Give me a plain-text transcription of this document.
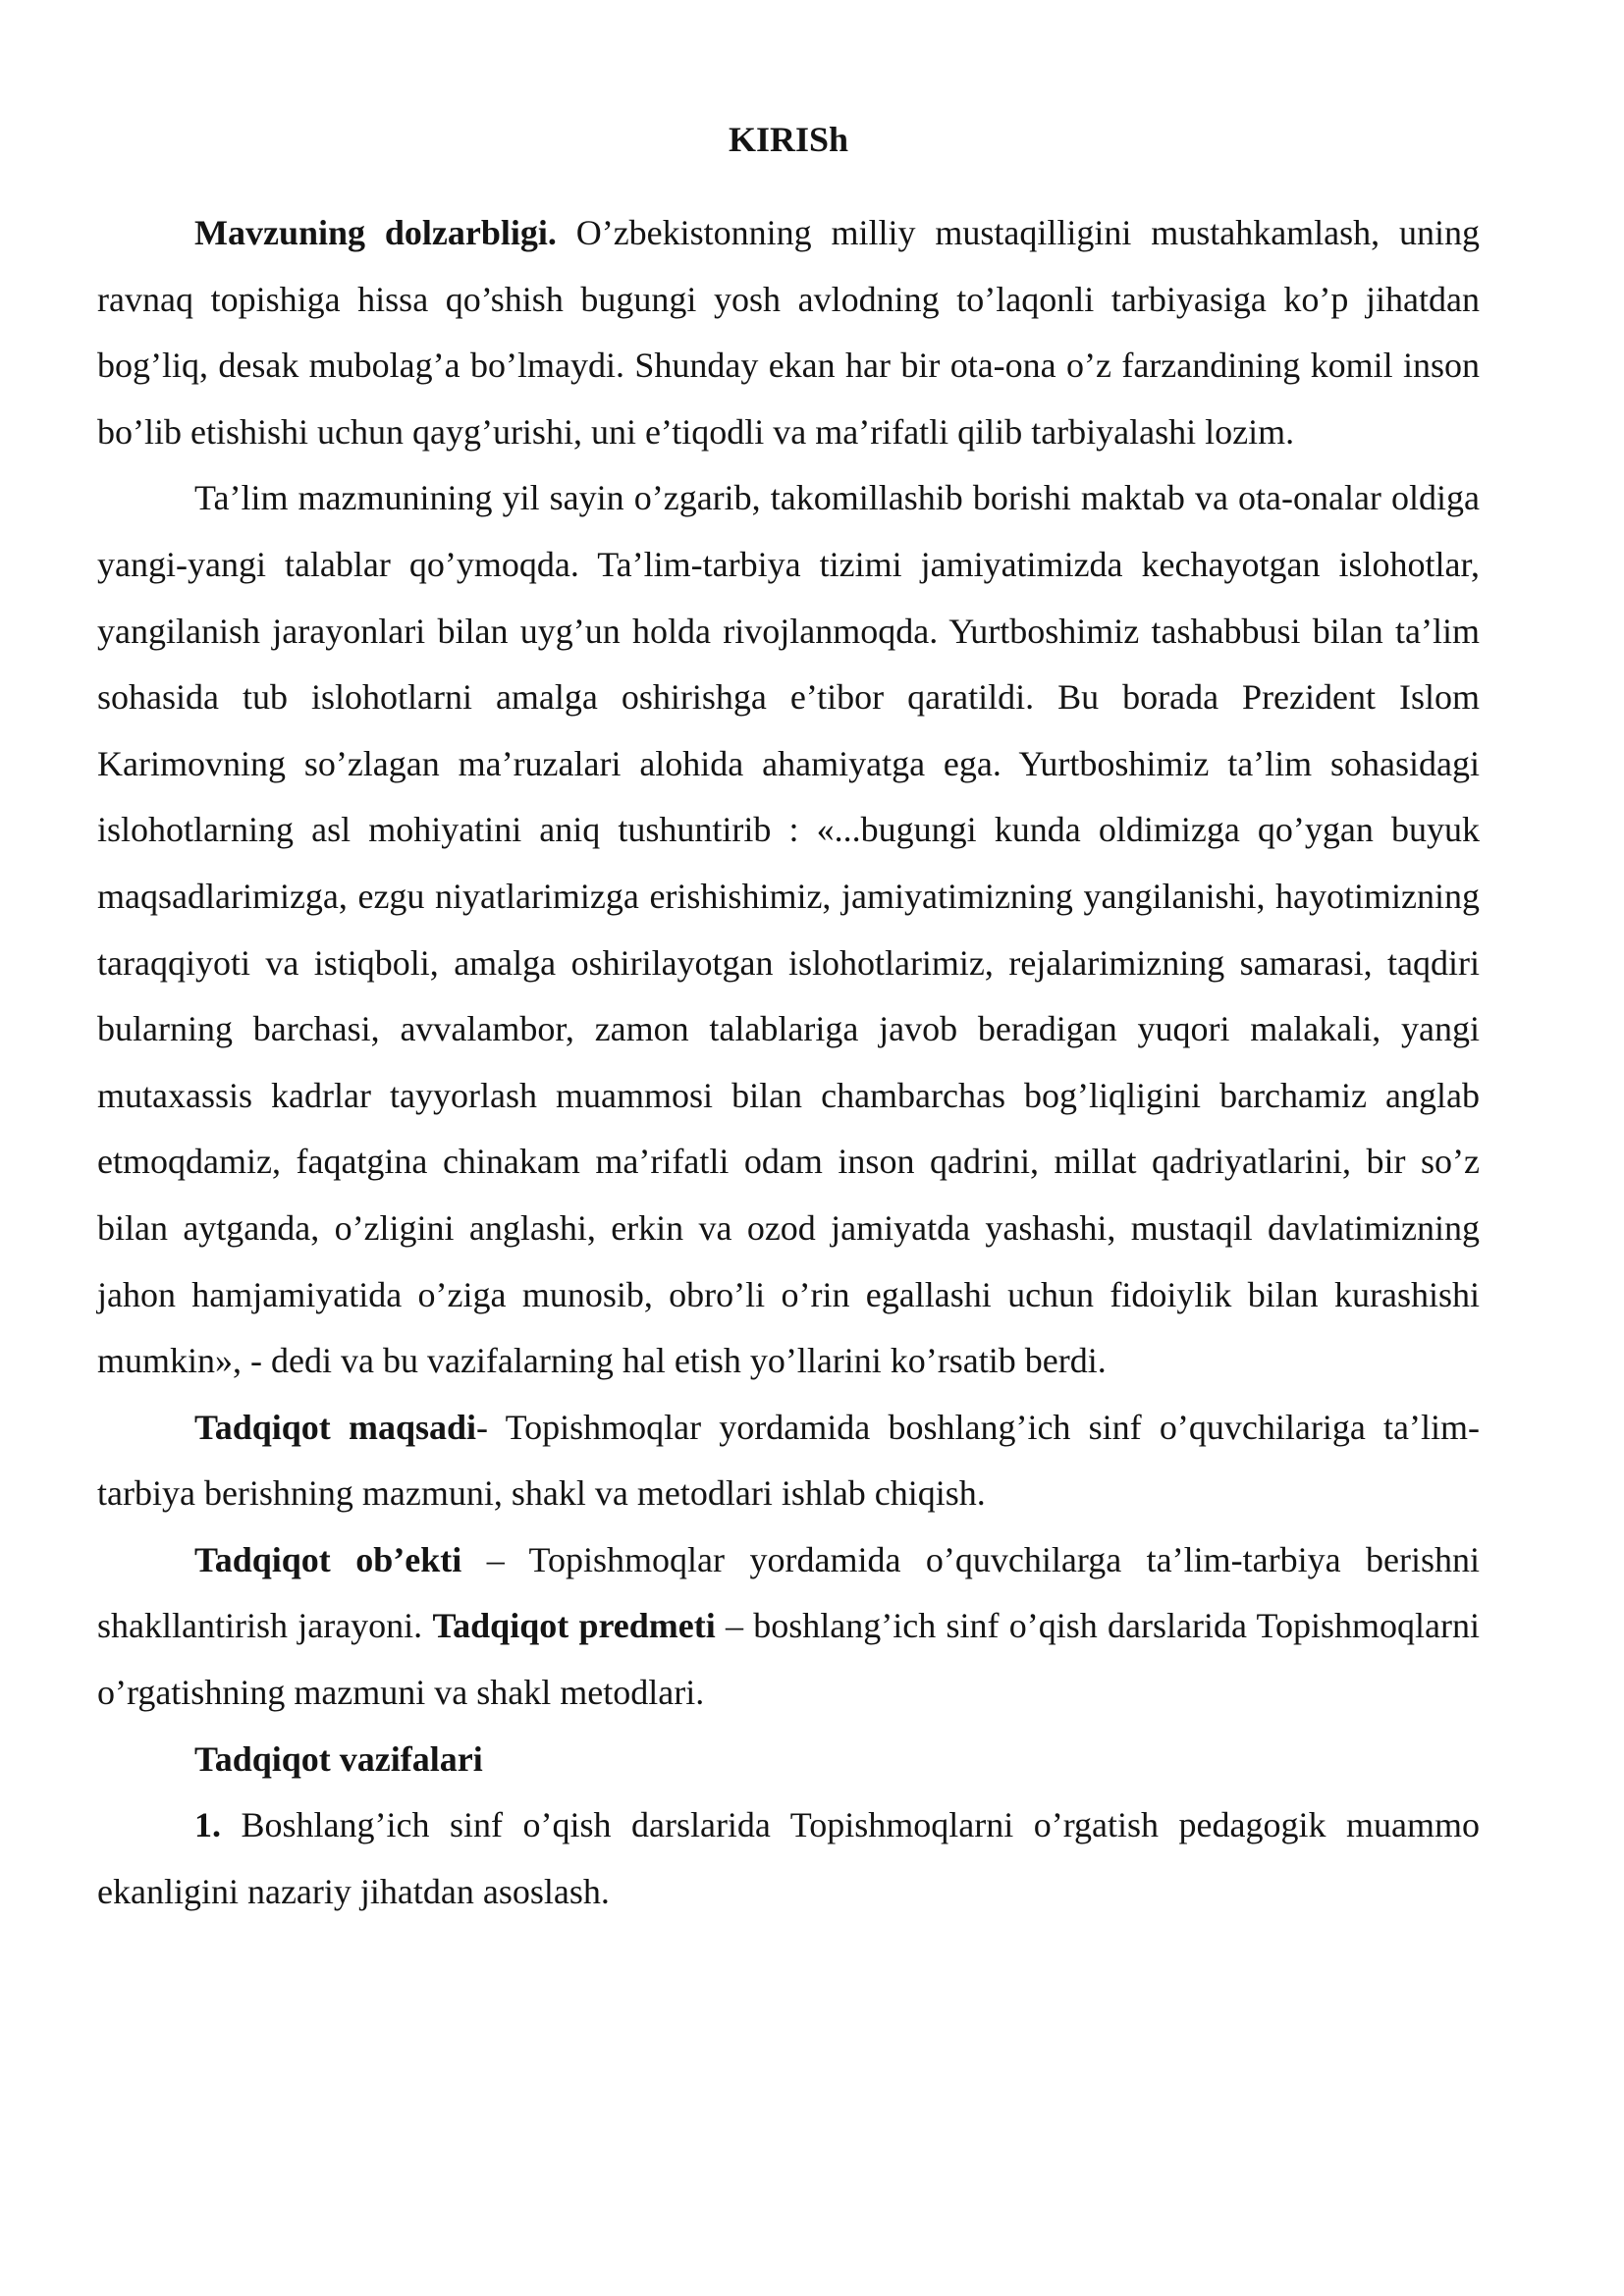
KIRISh

Mavzuning dolzarbligi. O’zbekistonning milliy mustaqilligini mustahkamlash, uning ravnaq topishiga hissa qo’shish bugungi yosh avlodning to’laqonli tarbiyasiga ko’p jihatdan bog’liq, desak mubolag’a bo’lmaydi. Shunday ekan har bir ota-ona o’z farzandining komil inson bo’lib etishishi uchun qayg’urishi, uni e’tiqodli va ma’rifatli qilib tarbiyalashi lozim.

Ta’lim mazmunining yil sayin o’zgarib, takomillashib borishi maktab va ota-onalar oldiga yangi-yangi talablar qo’ymoqda. Ta’lim-tarbiya tizimi jamiyatimizda kechayotgan islohotlar, yangilanish jarayonlari bilan uyg’un holda rivojlanmoqda. Yurtboshimiz tashabbusi bilan ta’lim sohasida tub islohotlarni amalga oshirishga e’tibor qaratildi. Bu borada Prezident Islom Karimovning so’zlagan ma’ruzalari alohida ahamiyatga ega. Yurtboshimiz ta’lim sohasidagi islohotlarning asl mohiyatini aniq tushuntirib : «...bugungi kunda oldimizga qo’ygan buyuk maqsadlarimizga, ezgu niyatlarimizga erishishimiz, jamiyatimizning yangilanishi, hayotimizning taraqqiyoti va istiqboli, amalga oshirilayotgan islohotlarimiz, rejalarimizning samarasi, taqdiri bularning barchasi, avvalambor, zamon talablariga javob beradigan yuqori malakali, yangi mutaxassis kadrlar tayyorlash muammosi bilan chambarchas bog’liqligini barchamiz anglab etmoqdamiz, faqatgina chinakam ma’rifatli odam inson qadrini, millat qadriyatlarini, bir so’z bilan aytganda, o’zligini anglashi, erkin va ozod jamiyatda yashashi, mustaqil davlatimizning jahon hamjamiyatida o’ziga munosib, obro’li o’rin egallashi uchun fidoiylik bilan kurashishi mumkin», - dedi va bu vazifalarning hal etish yo’llarini ko’rsatib berdi.

Tadqiqot maqsadi- Topishmoqlar yordamida boshlang’ich sinf o’quvchilariga ta’lim-tarbiya berishning mazmuni, shakl va metodlari ishlab chiqish.

Tadqiqot ob’ekti – Topishmoqlar yordamida o’quvchilarga ta’lim-tarbiya berishni shakllantirish jarayoni. Tadqiqot predmeti – boshlang’ich sinf o’qish darslarida Topishmoqlarni o’rgatishning mazmuni va shakl metodlari.

Tadqiqot vazifalari

1. Boshlang’ich sinf o’qish darslarida Topishmoqlarni o’rgatish pedagogik muammo ekanligini nazariy jihatdan asoslash.
